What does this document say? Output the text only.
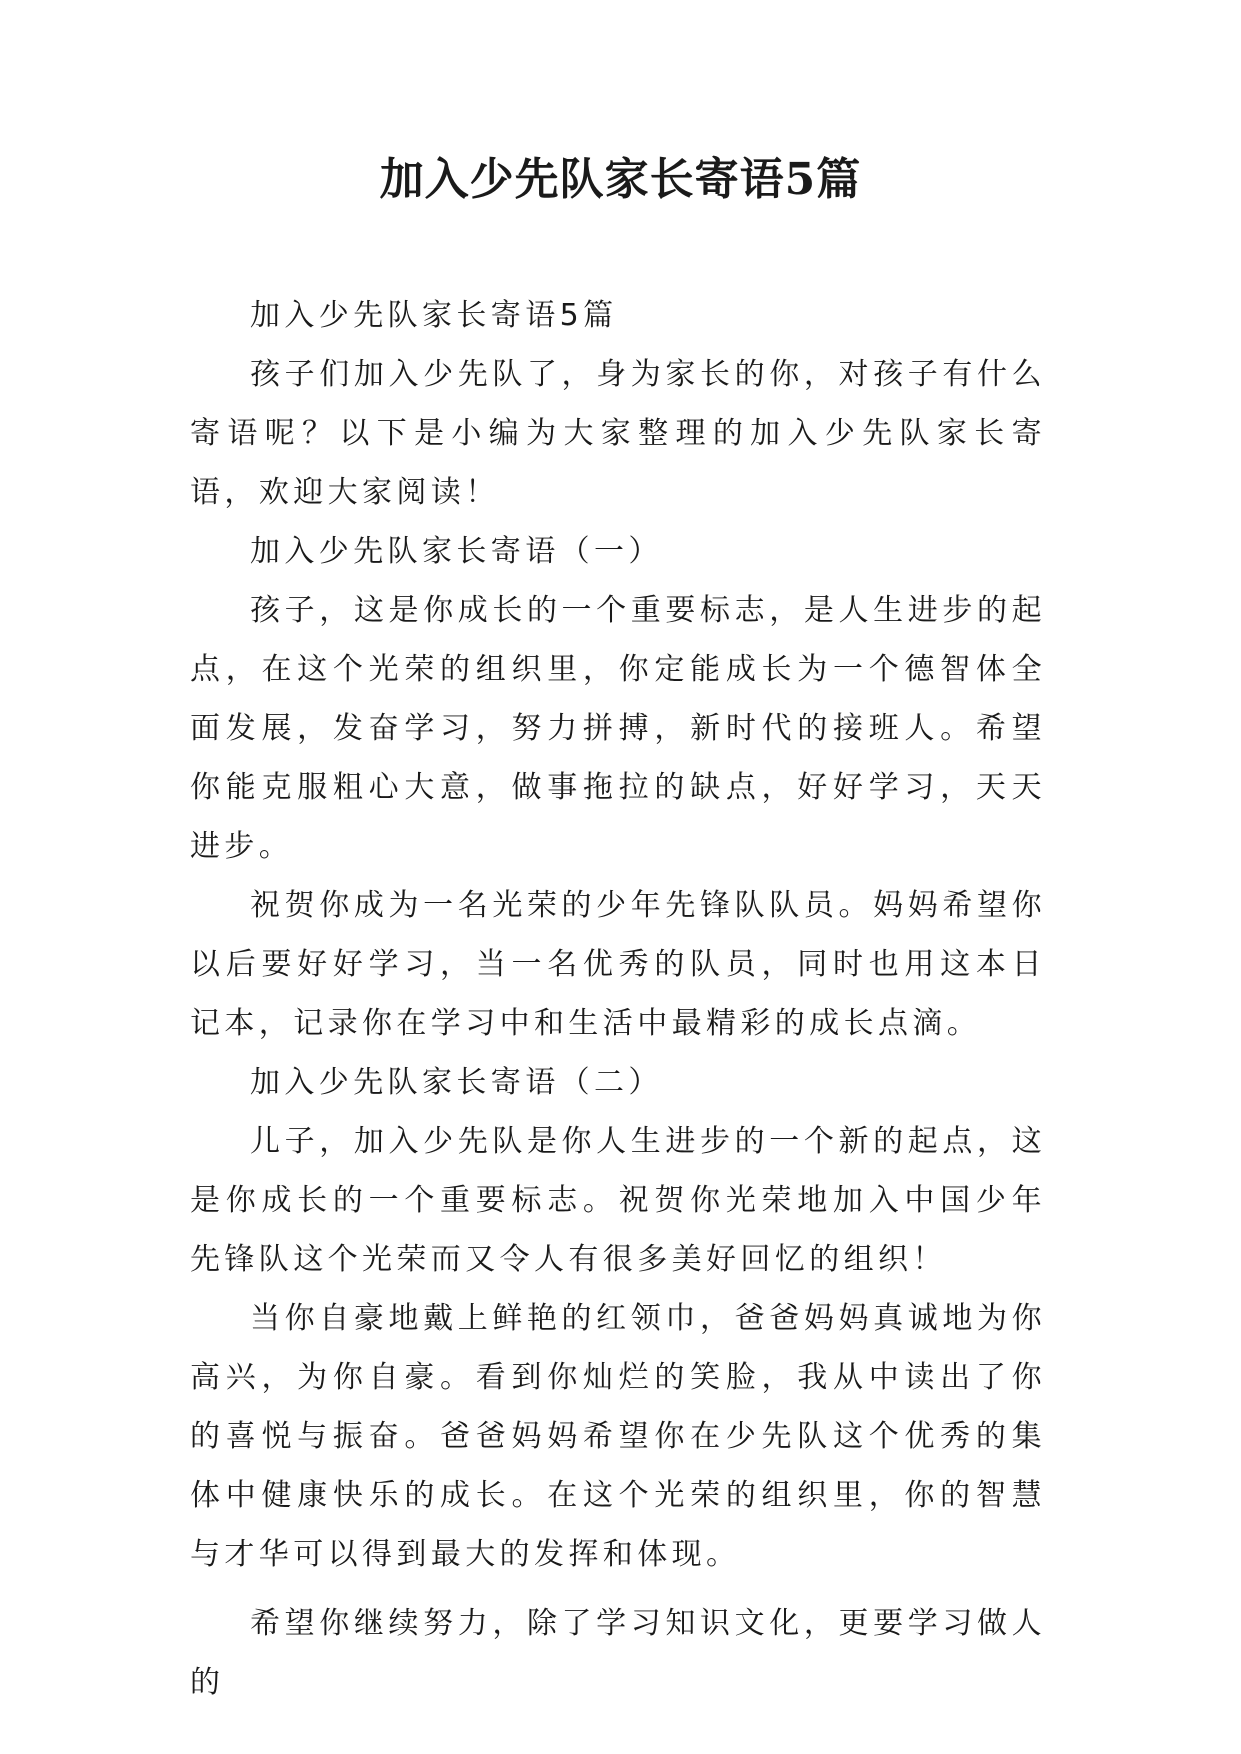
加入少先队家长寄语5篇

加入少先队家长寄语5篇

孩子们加入少先队了，身为家长的你，对孩子有什么寄语呢？以下是小编为大家整理的加入少先队家长寄语，欢迎大家阅读！

加入少先队家长寄语（一）

孩子，这是你成长的一个重要标志，是人生进步的起点，在这个光荣的组织里，你定能成长为一个德智体全面发展，发奋学习，努力拼搏，新时代的接班人。希望你能克服粗心大意，做事拖拉的缺点，好好学习，天天进步。

祝贺你成为一名光荣的少年先锋队队员。妈妈希望你以后要好好学习，当一名优秀的队员，同时也用这本日记本，记录你在学习中和生活中最精彩的成长点滴。

加入少先队家长寄语（二）

儿子，加入少先队是你人生进步的一个新的起点，这是你成长的一个重要标志。祝贺你光荣地加入中国少年先锋队这个光荣而又令人有很多美好回忆的组织！

当你自豪地戴上鲜艳的红领巾，爸爸妈妈真诚地为你高兴，为你自豪。看到你灿烂的笑脸，我从中读出了你的喜悦与振奋。爸爸妈妈希望你在少先队这个优秀的集体中健康快乐的成长。在这个光荣的组织里，你的智慧与才华可以得到最大的发挥和体现。

希望你继续努力，除了学习知识文化，更要学习做人的
